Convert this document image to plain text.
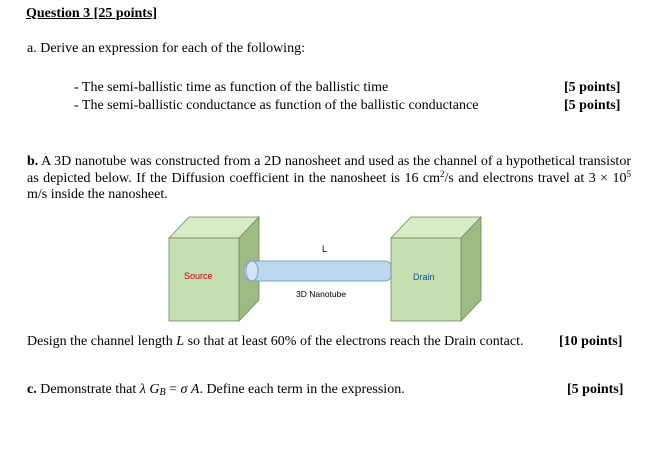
Question 3 [25 points]
a. Derive an expression for each of the following:
- The semi-ballistic time as function of the ballistic time	[5 points]
- The semi-ballistic conductance as function of the ballistic conductance	[5 points]
b. A 3D nanotube was constructed from a 2D nanosheet and used as the channel of a hypothetical transistor as depicted below. If the Diffusion coefficient in the nanosheet is 16 $cm^2/s$ and electrons travel at $3 \times 10^5$ m/s inside the nanosheet.
Source	Drain
L
3D Nanotube
Design the channel length L so that at least 60% of the electrons reach the Drain contact.	[10 points]
c. Demonstrate that λ $G_B = \sigma$ A. Define each term in the expression.	[5 points]
